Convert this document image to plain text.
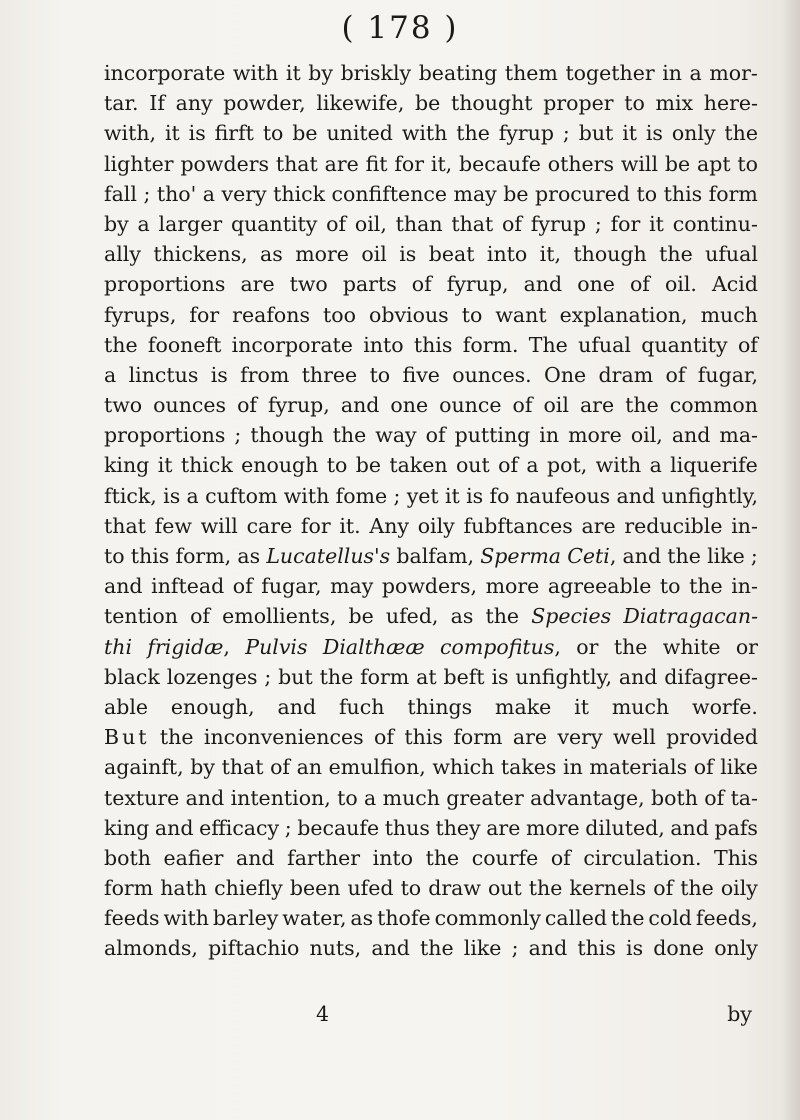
( 178 )
incorporate with it by briskly beating them together in a mor-
tar. If any powder, likewife, be thought proper to mix here-
with, it is firft to be united with the fyrup ; but it is only the
lighter powders that are fit for it, becaufe others will be apt to
fall ; tho' a very thick confiftence may be procured to this form
by a larger quantity of oil, than that of fyrup ; for it continu-
ally thickens, as more oil is beat into it, though the ufual
proportions are two parts of fyrup, and one of oil. Acid
fyrups, for reafons too obvious to want explanation, much
the fooneft incorporate into this form. The ufual quantity of
a linctus is from three to five ounces. One dram of fugar,
two ounces of fyrup, and one ounce of oil are the common
proportions ; though the way of putting in more oil, and ma-
king it thick enough to be taken out of a pot, with a liquerife
ftick, is a cuftom with fome ; yet it is fo naufeous and unfightly,
that few will care for it. Any oily fubftances are reducible in-
to this form, as Lucatellus's balfam, Sperma Ceti, and the like ;
and inftead of fugar, may powders, more agreeable to the in-
tention of emollients, be ufed, as the Species Diatragacan-
thi frigidæ, Pulvis Dialthææ compofitus, or the white or
black lozenges ; but the form at beft is unfightly, and difagree-
able enough, and fuch things make it much worfe.
But the inconveniences of this form are very well provided
againft, by that of an emulfion, which takes in materials of like
texture and intention, to a much greater advantage, both of ta-
king and efficacy ; becaufe thus they are more diluted, and pafs
both eafier and farther into the courfe of circulation. This
form hath chiefly been ufed to draw out the kernels of the oily
feeds with barley water, as thofe commonly called the cold feeds,
almonds, piftachio nuts, and the like ; and this is done only
4	by
